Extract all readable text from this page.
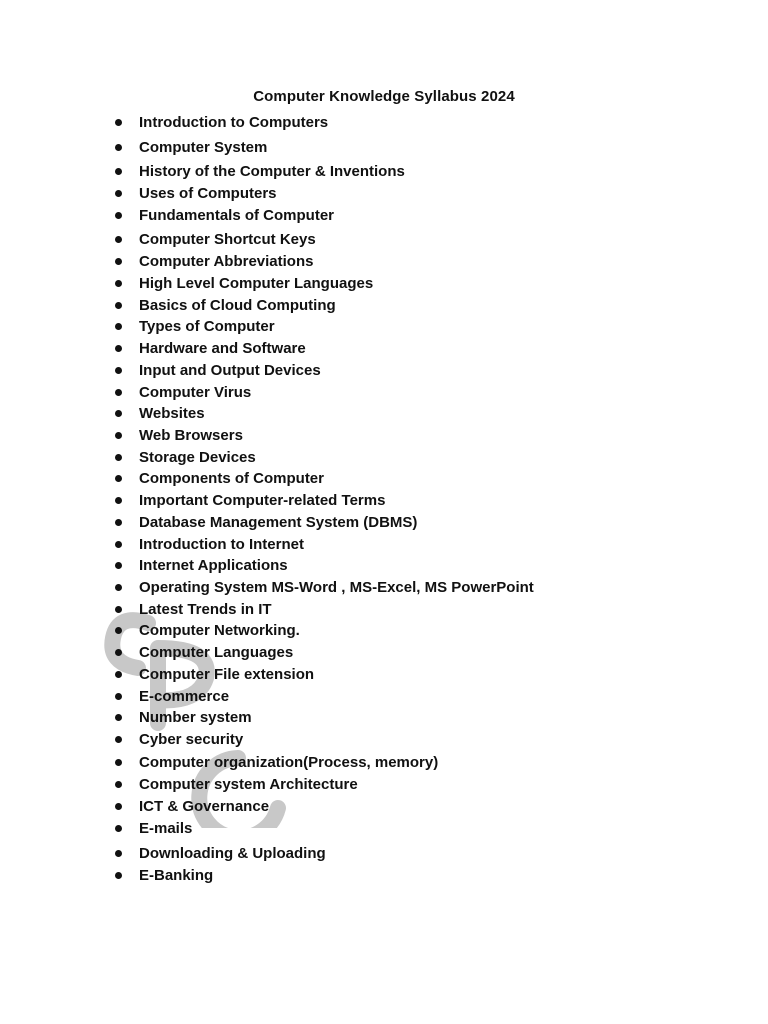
Computer Knowledge Syllabus 2024
Introduction to Computers
Computer System
History of the Computer & Inventions
Uses of Computers
Fundamentals of Computer
Computer Shortcut Keys
Computer Abbreviations
High Level Computer Languages
Basics of Cloud Computing
Types of Computer
Hardware and Software
Input and Output Devices
Computer Virus
Websites
Web Browsers
Storage Devices
Components of Computer
Important Computer-related Terms
Database Management System (DBMS)
Introduction to Internet
Internet Applications
Operating System MS-Word , MS-Excel, MS PowerPoint
Latest Trends in IT
Computer Networking.
Computer Languages
Computer File extension
E-commerce
Number system
Cyber security
Computer organization(Process, memory)
Computer system Architecture
ICT & Governance
E-mails
Downloading & Uploading
E-Banking
